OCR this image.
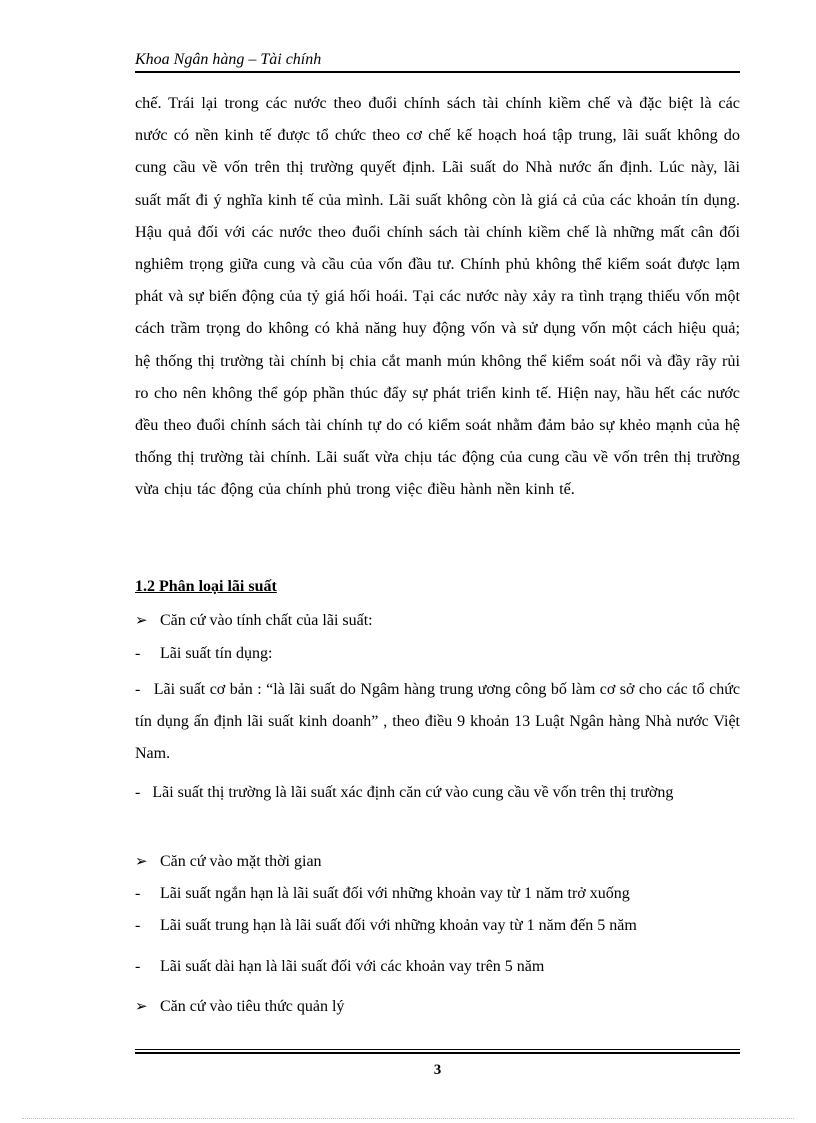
Khoa Ngân hàng – Tài chính
chế. Trái lại trong các nước theo đuổi chính sách tài chính kiềm chế và đặc biệt là các nước có nền kinh tế được tổ chức theo cơ chế kế hoạch hoá tập trung, lãi suất không do cung cầu về vốn trên thị trường quyết định. Lãi suất do Nhà nước ấn định. Lúc này, lãi suất mất đi ý nghĩa kinh tế của mình. Lãi suất không còn là giá cả của các khoản tín dụng. Hậu quả đối với các nước theo đuổi chính sách tài chính kiềm chế là những mất cân đối nghiêm trọng giữa cung và cầu của vốn đầu tư. Chính phủ không thể kiểm soát được lạm phát và sự biến động của tỷ giá hối hoái. Tại các nước này xảy ra tình trạng thiếu vốn một cách trầm trọng do không có khả năng huy động vốn và sử dụng vốn một cách hiệu quả; hệ thống thị trường tài chính bị chia cắt manh mún không thể kiểm soát nổi và đầy rãy rủi ro cho nên không thể góp phần thúc đẩy sự phát triển kinh tế. Hiện nay, hầu hết các nước đều theo đuổi chính sách tài chính tự do có kiểm soát nhằm đảm bảo sự khẻo mạnh của hệ thống thị trường tài chính. Lãi suất vừa chịu tác động của cung cầu về vốn trên thị trường vừa chịu tác động của chính phủ trong việc điều hành nền kinh tế.
1.2 Phân loại lãi suất
➢ Căn cứ vào tính chất của lãi suất:
-	Lãi suất tín dụng:
-   Lãi suất cơ bản : “là lãi suất do Ngâm hàng trung ương công bố làm cơ sở cho các tổ chức tín dụng ấn định lãi suất kinh doanh” , theo điều 9 khoản 13 Luật Ngân hàng Nhà nước Việt Nam.
-   Lãi suất thị trường là lãi suất xác định căn cứ vào cung cầu về vốn trên thị trường
➢ Căn cứ vào mặt thời gian
-	Lãi suất ngắn hạn là lãi suất đối với những khoản vay từ 1 năm trở xuống
-	Lãi suất trung hạn là lãi suất đối với những khoản vay từ 1 năm đến 5 năm
-	Lãi suất dài hạn là lãi suất đối với các khoản vay trên 5 năm
➢ Căn cứ vào tiêu thức quản lý
3
